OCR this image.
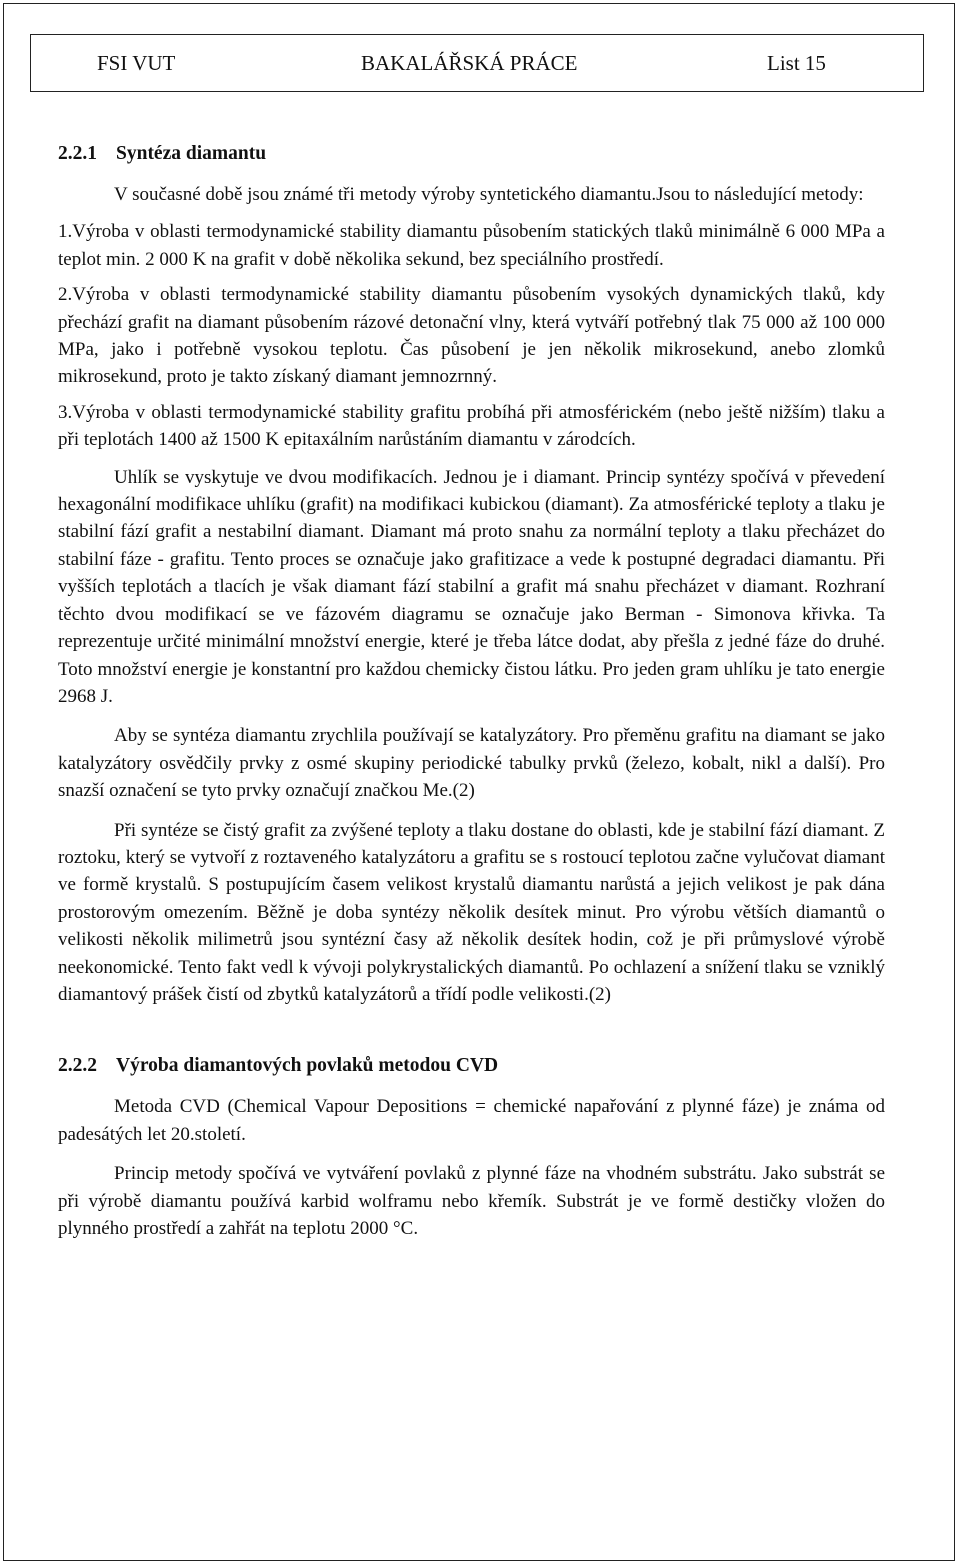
FSI VUT	BAKALÁŘSKÁ PRÁCE	List 15
2.2.1 Syntéza diamantu

V současné době jsou známé tři metody výroby syntetického diamantu.Jsou to následující metody:

1.Výroba v oblasti termodynamické stability diamantu působením statických tlaků minimálně 6 000 MPa a teplot min. 2 000 K na grafit v době několika sekund, bez speciálního prostředí.

2.Výroba v oblasti termodynamické stability diamantu působením vysokých dynamických tlaků, kdy přechází grafit na diamant působením rázové detonační vlny, která vytváří potřebný tlak 75 000 až 100 000 MPa, jako i potřebně vysokou teplotu. Čas působení je jen několik mikrosekund, anebo zlomků mikrosekund, proto je takto získaný diamant jemnozrnný.

3.Výroba v oblasti termodynamické stability grafitu probíhá při atmosférickém (nebo ještě nižším) tlaku a při teplotách 1400 až 1500 K epitaxálním narůstáním diamantu v zárodcích.

Uhlík se vyskytuje ve dvou modifikacích. Jednou je i diamant. Princip syntézy spočívá v převedení hexagonální modifikace uhlíku (grafit) na modifikaci kubickou (diamant). Za atmosférické teploty a tlaku je stabilní fází grafit a nestabilní diamant. Diamant má proto snahu za normální teploty a tlaku přecházet do stabilní fáze - grafitu. Tento proces se označuje jako grafitizace a vede k postupné degradaci diamantu. Při vyšších teplotách a tlacích je však diamant fází stabilní a grafit má snahu přecházet v diamant. Rozhraní těchto dvou modifikací se ve fázovém diagramu se označuje jako Berman - Simonova křivka. Ta reprezentuje určité minimální množství energie, které je třeba látce dodat, aby přešla z jedné fáze do druhé. Toto množství energie je konstantní pro každou chemicky čistou látku. Pro jeden gram uhlíku je tato energie 2968 J.

Aby se syntéza diamantu zrychlila používají se katalyzátory. Pro přeměnu grafitu na diamant se jako katalyzátory osvědčily prvky z osmé skupiny periodické tabulky prvků (železo, kobalt, nikl a další). Pro snazší označení se tyto prvky označují značkou Me.(2)

Při syntéze se čistý grafit za zvýšené teploty a tlaku dostane do oblasti, kde je stabilní fází diamant. Z roztoku, který se vytvoří z roztaveného katalyzátoru a grafitu se s rostoucí teplotou začne vylučovat diamant ve formě krystalů. S postupujícím časem velikost krystalů diamantu narůstá a jejich velikost je pak dána prostorovým omezením. Běžně je doba syntézy několik desítek minut. Pro výrobu větších diamantů o velikosti několik milimetrů jsou syntézní časy až několik desítek hodin, což je při průmyslové výrobě neekonomické. Tento fakt vedl k vývoji polykrystalických diamantů. Po ochlazení a snížení tlaku se vzniklý diamantový prášek čistí od zbytků katalyzátorů a třídí podle velikosti.(2)

2.2.2 Výroba diamantových povlaků metodou CVD

Metoda CVD (Chemical Vapour Depositions = chemické napařování z plynné fáze) je známa od padesátých let 20.století.

Princip metody spočívá ve vytváření povlaků z plynné fáze na vhodném substrátu. Jako substrát se při výrobě diamantu používá karbid wolframu nebo křemík. Substrát je ve formě destičky vložen do plynného prostředí a zahřát na teplotu 2000 °C.
